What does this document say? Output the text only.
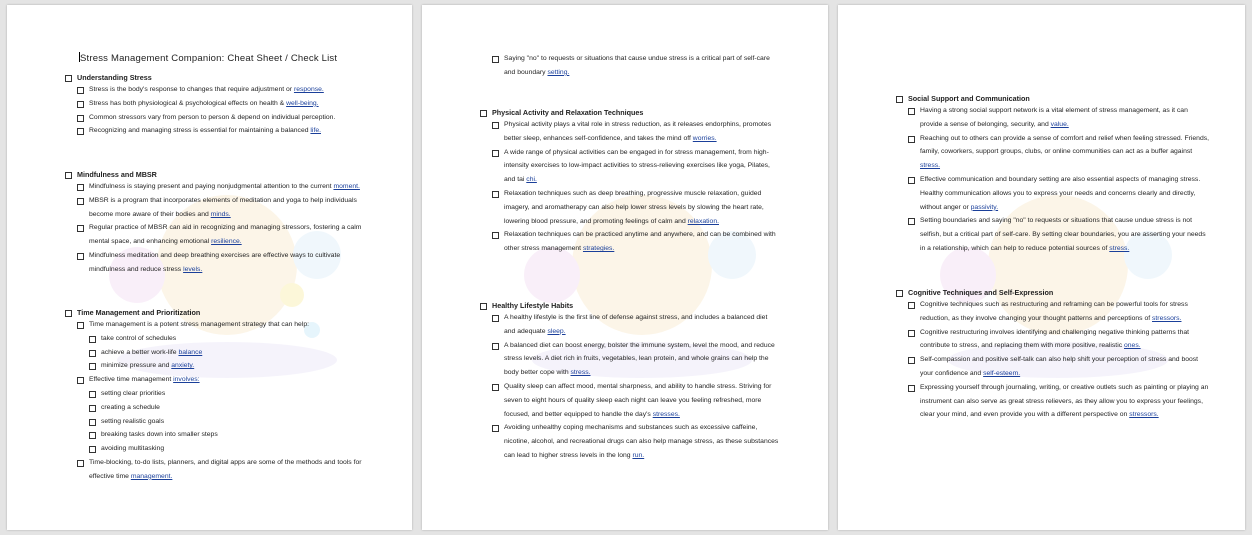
Stress Management Companion: Cheat Sheet / Check List
Understanding Stress
Stress is the body's response to changes that require adjustment or response.
Stress has both physiological & psychological effects on health & well-being.
Common stressors vary from person to person & depend on individual perception.
Recognizing and managing stress is essential for maintaining a balanced life.
Mindfulness and MBSR
Mindfulness is staying present and paying nonjudgmental attention to the current moment.
MBSR is a program that incorporates elements of meditation and yoga to help individuals become more aware of their bodies and minds.
Regular practice of MBSR can aid in recognizing and managing stressors, fostering a calm mental space, and enhancing emotional resilience.
Mindfulness meditation and deep breathing exercises are effective ways to cultivate mindfulness and reduce stress levels.
Time Management and Prioritization
Time management is a potent stress management strategy that can help:
take control of schedules
achieve a better work-life balance
minimize pressure and anxiety.
Effective time management involves:
setting clear priorities
creating a schedule
setting realistic goals
breaking tasks down into smaller steps
avoiding multitasking
Time-blocking, to-do lists, planners, and digital apps are some of the methods and tools for effective time management.
Saying "no" to requests or situations that cause undue stress is a critical part of self-care and boundary setting.
Physical Activity and Relaxation Techniques
Physical activity plays a vital role in stress reduction, as it releases endorphins, promotes better sleep, enhances self-confidence, and takes the mind off worries.
A wide range of physical activities can be engaged in for stress management, from high-intensity exercises to low-impact activities to stress-relieving exercises like yoga, Pilates, and tai chi.
Relaxation techniques such as deep breathing, progressive muscle relaxation, guided imagery, and aromatherapy can also help lower stress levels by slowing the heart rate, lowering blood pressure, and promoting feelings of calm and relaxation.
Relaxation techniques can be practiced anytime and anywhere, and can be combined with other stress management strategies.
Healthy Lifestyle Habits
A healthy lifestyle is the first line of defense against stress, and includes a balanced diet and adequate sleep.
A balanced diet can boost energy, bolster the immune system, level the mood, and reduce stress levels. A diet rich in fruits, vegetables, lean protein, and whole grains can help the body better cope with stress.
Quality sleep can affect mood, mental sharpness, and ability to handle stress. Striving for seven to eight hours of quality sleep each night can leave you feeling refreshed, more focused, and better equipped to handle the day's stresses.
Avoiding unhealthy coping mechanisms and substances such as excessive caffeine, nicotine, alcohol, and recreational drugs can also help manage stress, as these substances can lead to higher stress levels in the long run.
Social Support and Communication
Having a strong social support network is a vital element of stress management, as it can provide a sense of belonging, security, and value.
Reaching out to others can provide a sense of comfort and relief when feeling stressed. Friends, family, coworkers, support groups, clubs, or online communities can act as a buffer against stress.
Effective communication and boundary setting are also essential aspects of managing stress. Healthy communication allows you to express your needs and concerns clearly and directly, without anger or passivity.
Setting boundaries and saying "no" to requests or situations that cause undue stress is not selfish, but a critical part of self-care. By setting clear boundaries, you are asserting your needs in a relationship, which can help to reduce potential sources of stress.
Cognitive Techniques and Self-Expression
Cognitive techniques such as restructuring and reframing can be powerful tools for stress reduction, as they involve changing your thought patterns and perceptions of stressors.
Cognitive restructuring involves identifying and challenging negative thinking patterns that contribute to stress, and replacing them with more positive, realistic ones.
Self-compassion and positive self-talk can also help shift your perception of stress and boost your confidence and self-esteem.
Expressing yourself through journaling, writing, or creative outlets such as painting or playing an instrument can also serve as great stress relievers, as they allow you to express your feelings, clear your mind, and even provide you with a different perspective on stressors.
